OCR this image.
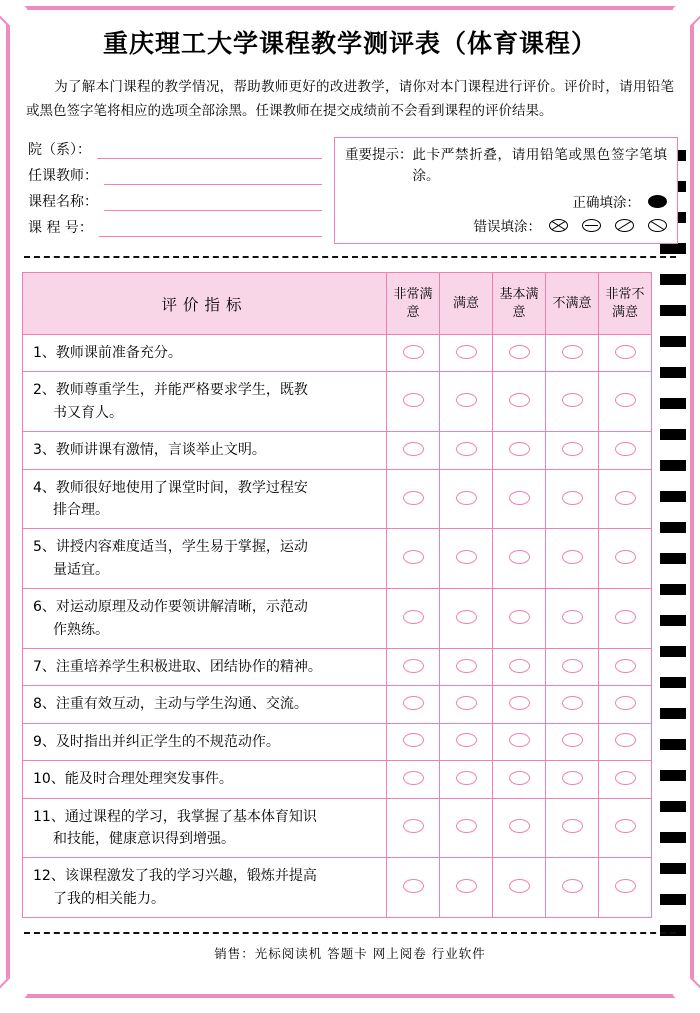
重庆理工大学课程教学测评表（体育课程）

为了解本门课程的教学情况，帮助教师更好的改进教学，请你对本门课程进行评价。评价时，请用铅笔或黑色签字笔将相应的选项全部涂黑。任课教师在提交成绩前不会看到课程的评价结果。

院（系）：
任课教师：
课程名称：
课 程 号：
重要提示： 此卡严禁折叠，请用铅笔或黑色签字笔填涂。
正确填涂：
错误填涂：
评价指标	非常满意	满意	基本满意	不满意	非常不满意

1、教师课前准备充分。					

2、教师尊重学生，并能严格要求学生，既教
书又育人。					

3、教师讲课有激情，言谈举止文明。					

4、教师很好地使用了课堂时间，教学过程安
排合理。					

5、讲授内容难度适当，学生易于掌握，运动
量适宜。					

6、对运动原理及动作要领讲解清晰，示范动
作熟练。					

7、注重培养学生积极进取、团结协作的精神。					

8、注重有效互动，主动与学生沟通、交流。					

9、及时指出并纠正学生的不规范动作。					

10、能及时合理处理突发事件。					

11、通过课程的学习，我掌握了基本体育知识
和技能，健康意识得到增强。					

12、该课程激发了我的学习兴趣，锻炼并提高
了我的相关能力。					

销售：光标阅读机 答题卡 网上阅卷 行业软件
